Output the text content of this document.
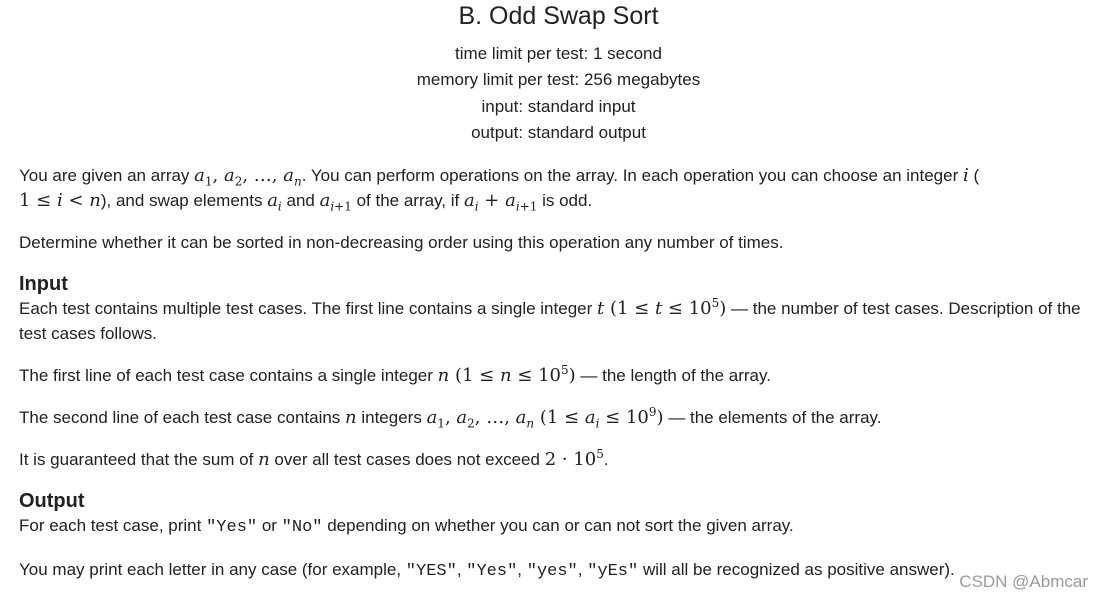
B. Odd Swap Sort
time limit per test: 1 second
memory limit per test: 256 megabytes
input: standard input
output: standard output

You are given an array $a_1$, $a_2$, …, $a_n$. You can perform operations on the array. In each operation you can choose an integer i (
1 ≤ i < n), and swap elements $a_i$ and $a_{i+1}$ of the array, if $a_i + a_{i+1}$ is odd.

Determine whether it can be sorted in non-decreasing order using this operation any number of times.

Input

Each test contains multiple test cases. The first line contains a single integer t $(1 \le t \le 10^5)$ — the number of test cases. Description of the test cases follows.

The first line of each test case contains a single integer n $(1 \le n \le 10^5)$ — the length of the array.

The second line of each test case contains n integers $a_1$, $a_2$, …, $a_n$ $(1 \le a_i \le 10^9)$ — the elements of the array.

It is guaranteed that the sum of n over all test cases does not exceed $2 \cdot 10^5$.

Output

For each test case, print "Yes" or "No" depending on whether you can or can not sort the given array.

You may print each letter in any case (for example, "YES", "Yes", "yes", "yEs" will all be recognized as positive answer).

CSDN @Abmcar
